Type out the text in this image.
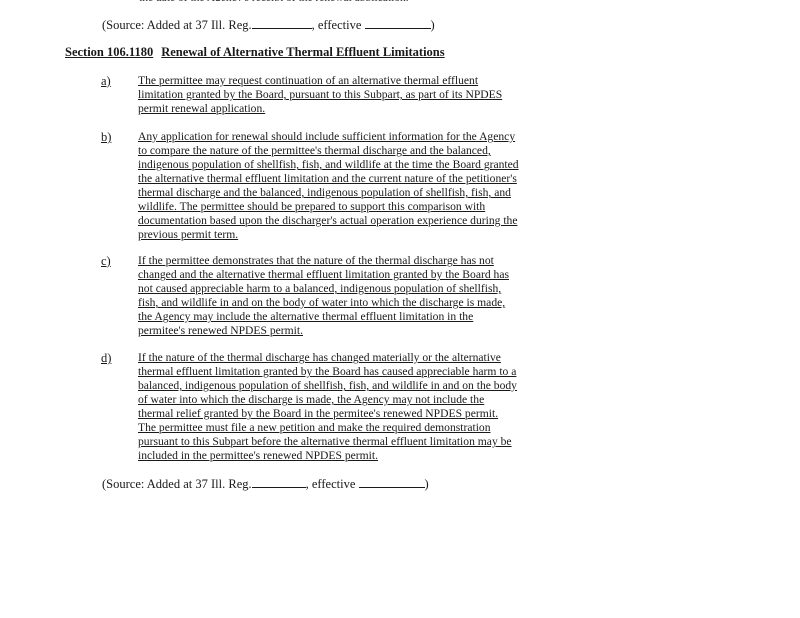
(Source: Added at 37 Ill. Reg.	, effective	)
Section 106.1180 Renewal of Alternative Thermal Effluent Limitations
a) The permittee may request continuation of an alternative thermal effluent
limitation granted by the Board, pursuant to this Subpart, as part of its NPDES
permit renewal application.
b) Any application for renewal should include sufficient information for the Agency
to compare the nature of the permittee's thermal discharge and the balanced,
indigenous population of shellfish, fish, and wildlife at the time the Board granted
the alternative thermal effluent limitation and the current nature of the petitioner's
thermal discharge and the balanced, indigenous population of shellfish, fish, and
wildlife. The permittee should be prepared to support this comparison with
documentation based upon the discharger's actual operation experience during the
previous permit term.
c) If the permittee demonstrates that the nature of the thermal discharge has not
changed and the alternative thermal effluent limitation granted by the Board has
not caused appreciable harm to a balanced, indigenous population of shellfish,
fish, and wildlife in and on the body of water into which the discharge is made,
the Agency may include the alternative thermal effluent limitation in the
permitee's renewed NPDES permit.
d) If the nature of the thermal discharge has changed materially or the alternative
thermal effluent limitation granted by the Board has caused appreciable harm to a
balanced, indigenous population of shellfish, fish, and wildlife in and on the body
of water into which the discharge is made, the Agency may not include the
thermal relief granted by the Board in the permitee's renewed NPDES permit.
The permittee must file a new petition and make the required demonstration
pursuant to this Subpart before the alternative thermal effluent limitation may be
included in the permittee's renewed NPDES permit.
(Source: Added at 37 Ill. Reg.	, effective	)
